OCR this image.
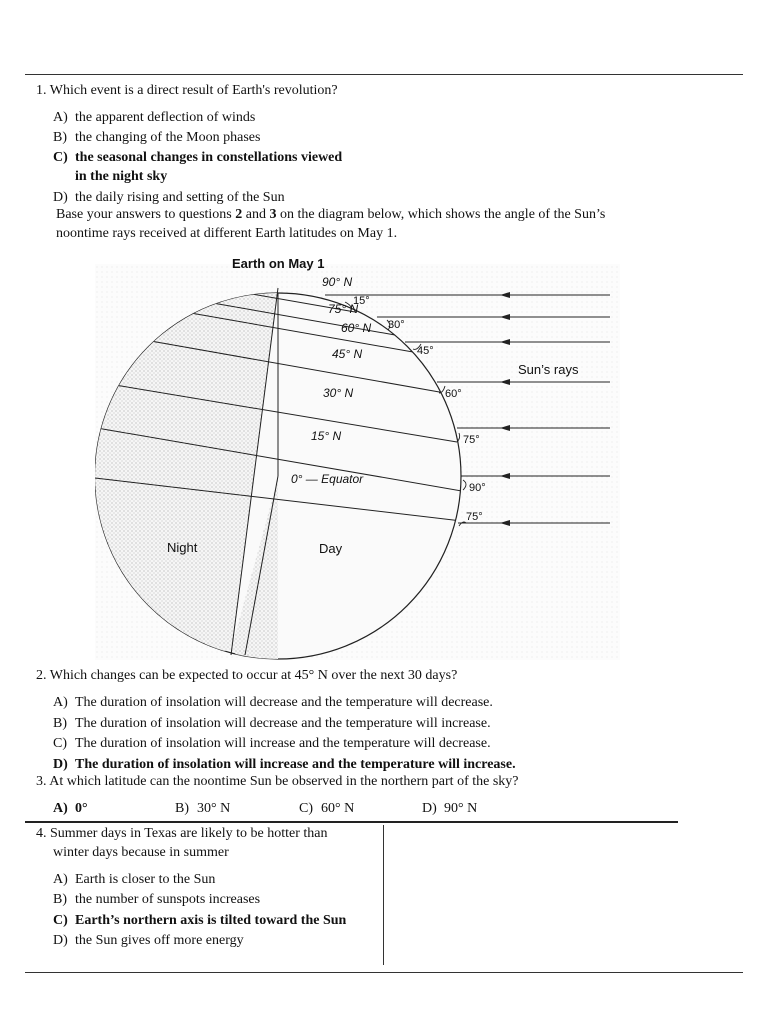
1. Which event is a direct result of Earth's revolution?
A) the apparent deflection of winds
B) the changing of the Moon phases
C) the seasonal changes in constellations viewed
in the night sky
D) the daily rising and setting of the Sun
Base your answers to questions 2 and 3 on the diagram below, which shows the angle of the Sun’s
noontime rays received at different Earth latitudes on May 1.
Earth on May 1
90° N
75° N
60° N
45° N
30° N
15° N
0° — Equator
15°
30°
45°
60°
75°
90°
75°
Sun’s rays
Night	Day
2. Which changes can be expected to occur at 45° N over the next 30 days?
A) The duration of insolation will decrease and the temperature will decrease.
B) The duration of insolation will decrease and the temperature will increase.
C) The duration of insolation will increase and the temperature will decrease.
D) The duration of insolation will increase and the temperature will increase.
3. At which latitude can the noontime Sun be observed in the northern part of the sky?
A) 0°	B) 30° N	C) 60° N	D) 90° N
4. Summer days in Texas are likely to be hotter than
winter days because in summer
A) Earth is closer to the Sun
B) the number of sunspots increases
C) Earth’s northern axis is tilted toward the Sun
D) the Sun gives off more energy
